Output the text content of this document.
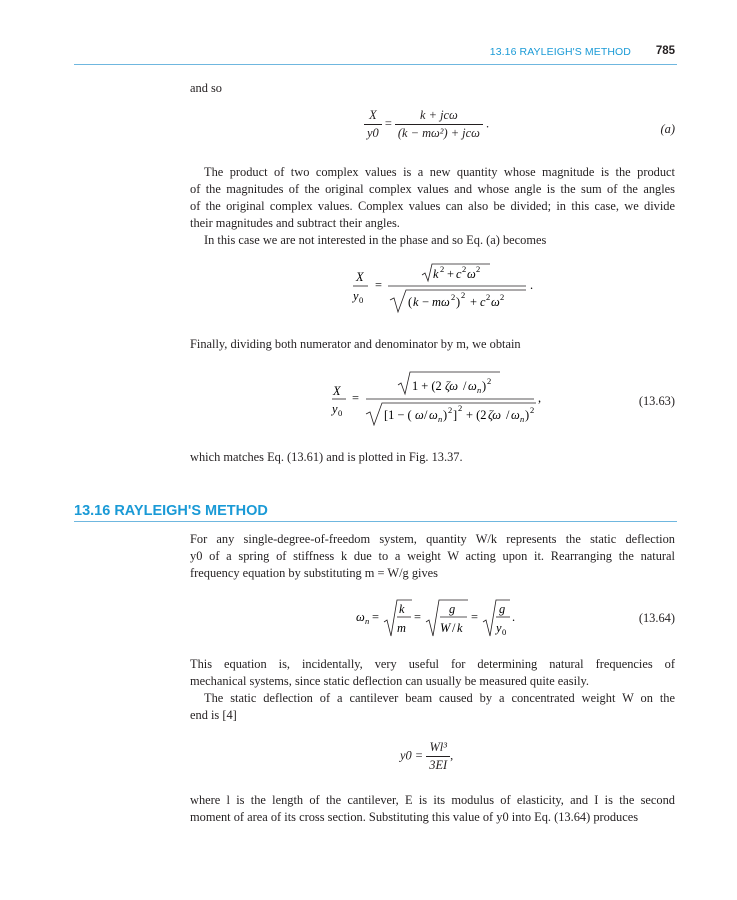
13.16 RAYLEIGH'S METHOD 785
and so
$\frac{X}{y0} = \frac{\text{k + jcω}}{\text{(k − mω²) + jcω}}$ .	(a)
The product of two complex values is a new quantity whose magnitude is the product
of the magnitudes of the original complex values and whose angle is the sum of the angles
of the original complex values. Complex values can also be divided; in this case, we divide
their magnitudes and subtract their angles.
In this case we are not interested in the phase and so Eq. (a) becomes
X
y 0
=
k 2 + c 2 ω 2
( k − mω 2 ) 2 + c 2 ω 2
.
Finally, dividing both numerator and denominator by m, we obtain
X
y 0
=
1 + (2 ζω / ω n ) 2
[1 − ( ω / ω n ) 2 ] 2 + (2 ζω / ω n ) 2
,	(13.63)
which matches Eq. (13.61) and is plotted in Fig. 13.37.
13.16 RAYLEIGH'S METHOD
For any single-degree-of-freedom system, quantity W/k represents the static deflection
y0 of a spring of stiffness k due to a weight W acting upon it. Rearranging the natural
frequency equation by substituting m = W/g gives
ω n =
k
m
=
g
W / k
=
g
y 0
.	(13.64)
This equation is, incidentally, very useful for determining natural frequencies of
mechanical systems, since static deflection can usually be measured quite easily.
The static deflection of a cantilever beam caused by a concentrated weight W on the
end is [4]
$y0 = \frac{\text{Wl³}}{3EI}$ ,
where l is the length of the cantilever, E is its modulus of elasticity, and I is the second
moment of area of its cross section. Substituting this value of y0 into Eq. (13.64) produces
